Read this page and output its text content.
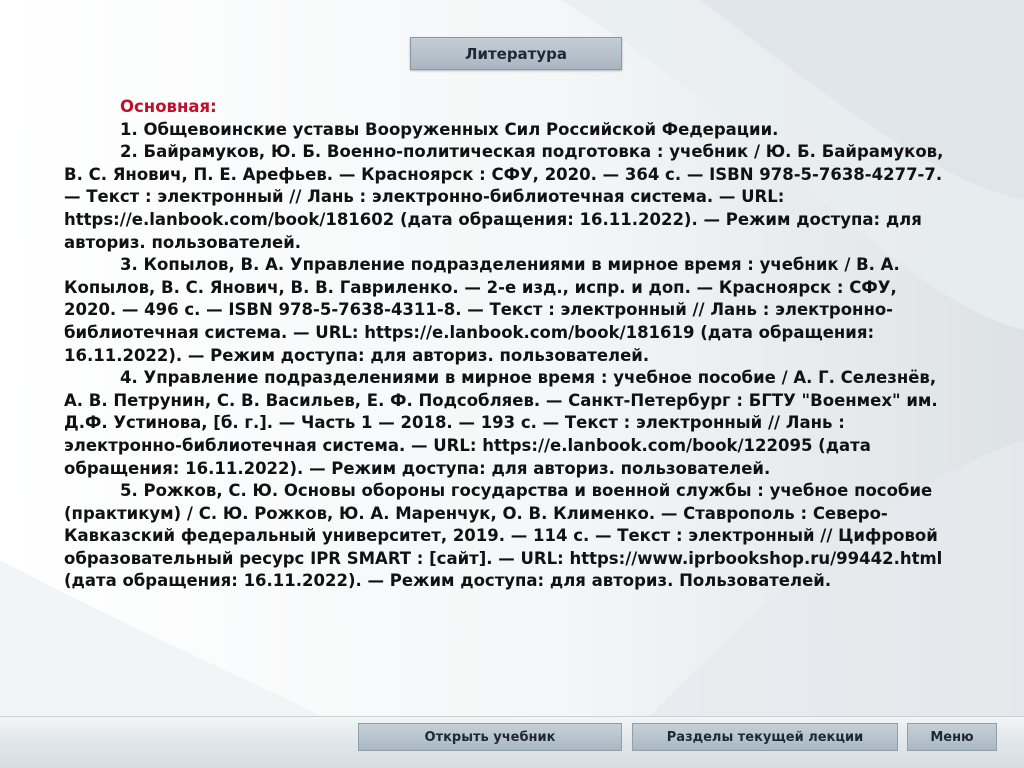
Литература

Основная:

1. Общевоинские уставы Вооруженных Сил Российской Федерации.

2. Байрамуков, Ю. Б. Военно-политическая подготовка : учебник / Ю. Б. Байрамуков, В. С. Янович, П. Е. Арефьев. — Красноярск : СФУ, 2020. — 364 с. — ISBN 978-5-7638-4277-7. — Текст : электронный // Лань : электронно-библиотечная система. — URL: https://e.lanbook.com/book/181602 (дата обращения: 16.11.2022). — Режим доступа: для авториз. пользователей.

3. Копылов, В. А. Управление подразделениями в мирное время : учебник / В. А. Копылов, В. С. Янович, В. В. Гавриленко. — 2-е изд., испр. и доп. — Красноярск : СФУ, 2020. — 496 с. — ISBN 978-5-7638-4311-8. — Текст : электронный // Лань : электронно-библиотечная система. — URL: https://e.lanbook.com/book/181619 (дата обращения: 16.11.2022). — Режим доступа: для авториз. пользователей.

4. Управление подразделениями в мирное время : учебное пособие / А. Г. Селезнёв, А. В. Петрунин, С. В. Васильев, Е. Ф. Подсобляев. — Санкт-Петербург : БГТУ "Военмех" им. Д.Ф. Устинова, [б. г.]. — Часть 1 — 2018. — 193 с. — Текст : электронный // Лань : электронно-библиотечная система. — URL: https://e.lanbook.com/book/122095 (дата обращения: 16.11.2022). — Режим доступа: для авториз. пользователей.

5. Рожков, С. Ю. Основы обороны государства и военной службы : учебное пособие (практикум) / С. Ю. Рожков, Ю. А. Маренчук, О. В. Клименко. — Ставрополь : Северо-Кавказский федеральный университет, 2019. — 114 с. — Текст : электронный // Цифровой образовательный ресурс IPR SMART : [сайт]. — URL: https://www.iprbookshop.ru/99442.html (дата обращения: 16.11.2022). — Режим доступа: для авториз. Пользователей.

Открыть учебник	Разделы текущей лекции	Меню
